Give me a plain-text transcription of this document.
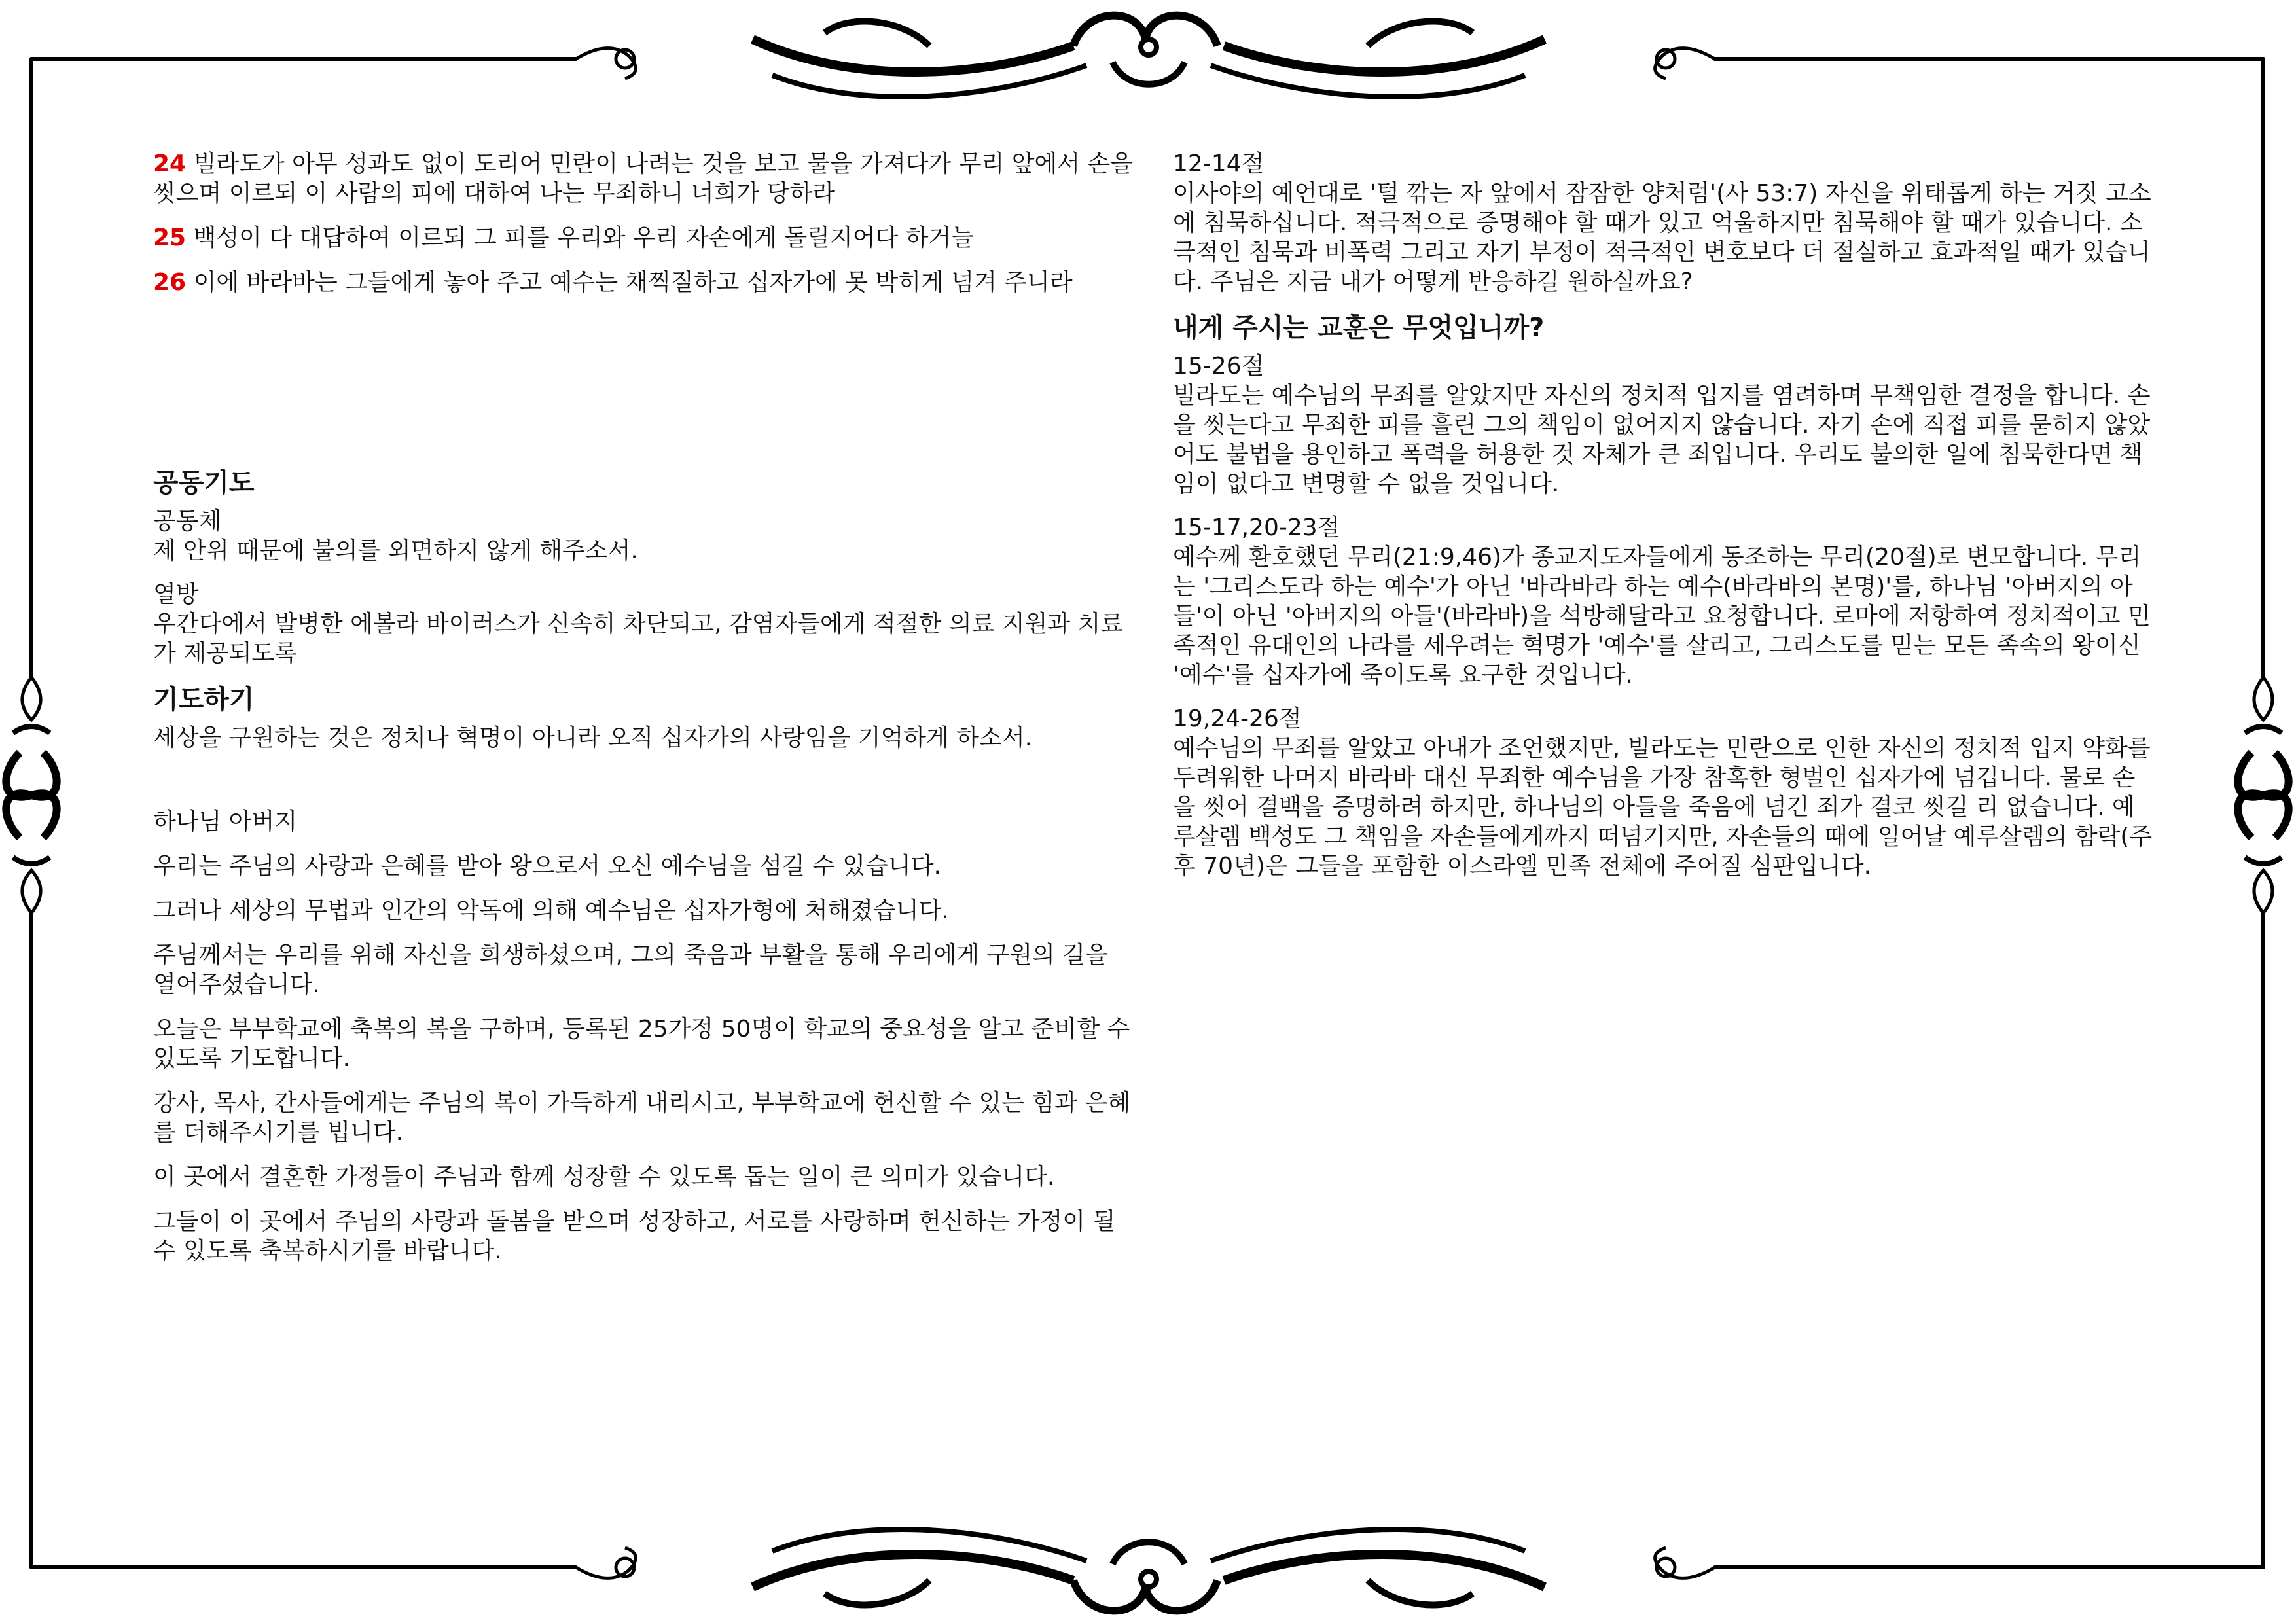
24 빌라도가 아무 성과도 없이 도리어 민란이 나려는 것을 보고 물을 가져다가 무리 앞에서 손을 씻으며 이르되 이 사람의 피에 대하여 나는 무죄하니 너희가 당하라
25 백성이 다 대답하여 이르되 그 피를 우리와 우리 자손에게 돌릴지어다 하거늘
26 이에 바라바는 그들에게 놓아 주고 예수는 채찍질하고 십자가에 못 박히게 넘겨 주니라
공동기도
공동체
제 안위 때문에 불의를 외면하지 않게 해주소서.
열방
우간다에서 발병한 에볼라 바이러스가 신속히 차단되고, 감염자들에게 적절한 의료 지원과 치료가 제공되도록
기도하기
세상을 구원하는 것은 정치나 혁명이 아니라 오직 십자가의 사랑임을 기억하게 하소서.
하나님 아버지
우리는 주님의 사랑과 은혜를 받아 왕으로서 오신 예수님을 섬길 수 있습니다.
그러나 세상의 무법과 인간의 악독에 의해 예수님은 십자가형에 처해졌습니다.
주님께서는 우리를 위해 자신을 희생하셨으며, 그의 죽음과 부활을 통해 우리에게 구원의 길을 열어주셨습니다.
오늘은 부부학교에 축복의 복을 구하며, 등록된 25가정 50명이 학교의 중요성을 알고 준비할 수 있도록 기도합니다.
강사, 목사, 간사들에게는 주님의 복이 가득하게 내리시고, 부부학교에 헌신할 수 있는 힘과 은혜를 더해주시기를 빕니다.
이 곳에서 결혼한 가정들이 주님과 함께 성장할 수 있도록 돕는 일이 큰 의미가 있습니다.
그들이 이 곳에서 주님의 사랑과 돌봄을 받으며 성장하고, 서로를 사랑하며 헌신하는 가정이 될 수 있도록 축복하시기를 바랍니다.
12-14절
이사야의 예언대로 '털 깎는 자 앞에서 잠잠한 양처럼'(사 53:7) 자신을 위태롭게 하는 거짓 고소에 침묵하십니다. 적극적으로 증명해야 할 때가 있고 억울하지만 침묵해야 할 때가 있습니다. 소극적인 침묵과 비폭력 그리고 자기 부정이 적극적인 변호보다 더 절실하고 효과적일 때가 있습니다. 주님은 지금 내가 어떻게 반응하길 원하실까요?
내게 주시는 교훈은 무엇입니까?
15-26절
빌라도는 예수님의 무죄를 알았지만 자신의 정치적 입지를 염려하며 무책임한 결정을 합니다. 손을 씻는다고 무죄한 피를 흘린 그의 책임이 없어지지 않습니다. 자기 손에 직접 피를 묻히지 않았어도 불법을 용인하고 폭력을 허용한 것 자체가 큰 죄입니다. 우리도 불의한 일에 침묵한다면 책임이 없다고 변명할 수 없을 것입니다.
15-17,20-23절
예수께 환호했던 무리(21:9,46)가 종교지도자들에게 동조하는 무리(20절)로 변모합니다. 무리는 '그리스도라 하는 예수'가 아닌 '바라바라 하는 예수(바라바의 본명)'를, 하나님 '아버지의 아들'이 아닌 '아버지의 아들'(바라바)을 석방해달라고 요청합니다. 로마에 저항하여 정치적이고 민족적인 유대인의 나라를 세우려는 혁명가 '예수'를 살리고, 그리스도를 믿는 모든 족속의 왕이신 '예수'를 십자가에 죽이도록 요구한 것입니다.
19,24-26절
예수님의 무죄를 알았고 아내가 조언했지만, 빌라도는 민란으로 인한 자신의 정치적 입지 약화를 두려워한 나머지 바라바 대신 무죄한 예수님을 가장 참혹한 형벌인 십자가에 넘깁니다. 물로 손을 씻어 결백을 증명하려 하지만, 하나님의 아들을 죽음에 넘긴 죄가 결코 씻길 리 없습니다. 예루살렘 백성도 그 책임을 자손들에게까지 떠넘기지만, 자손들의 때에 일어날 예루살렘의 함락(주후 70년)은 그들을 포함한 이스라엘 민족 전체에 주어질 심판입니다.
